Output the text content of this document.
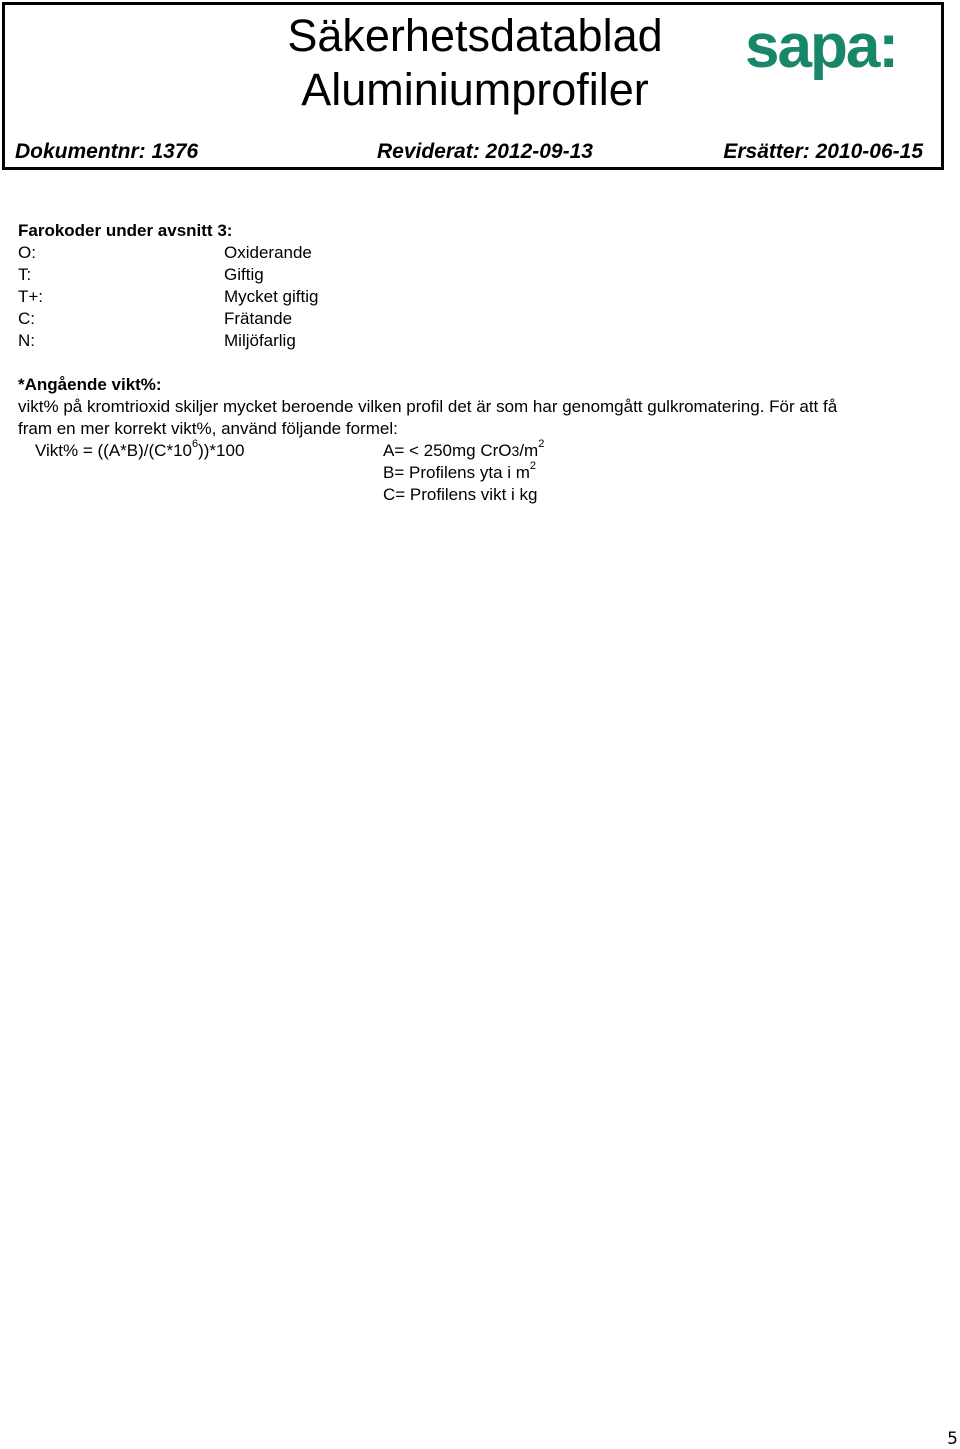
Säkerhetsdatablad
Aluminiumprofiler
sapa:
Dokumentnr: 1376	Reviderat: 2012-09-13	Ersätter: 2010-06-15
Farokoder under avsnitt 3:
O:	Oxiderande
T:	Giftig
T+:	Mycket giftig
C:	Frätande
N:	Miljöfarlig
*Angående vikt%:
vikt% på kromtrioxid skiljer mycket beroende vilken profil det är som har genomgått gulkromatering. För att få
fram en mer korrekt vikt%, använd följande formel:
Vikt% = $((A*B)/(C*10^6))*100$	A= < 250mg $CrO3/m^2$
B= Profilens yta i $m^2$
C= Profilens vikt i kg
5
